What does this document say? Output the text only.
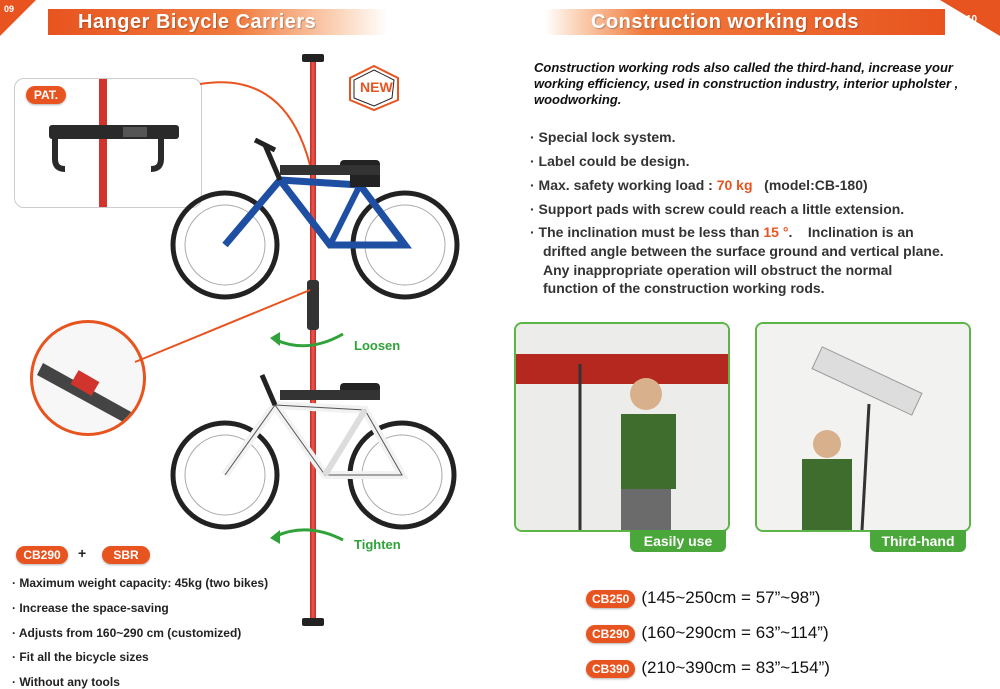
09
Hanger Bicycle Carriers
PAT.	NEW
Loosen
Tighten
CB290	+	SBR
· Maximum weight capacity: 45kg (two bikes)
· Increase the space-saving
· Adjusts from 160~290 cm (customized)
· Fit all the bicycle sizes
· Without any tools
Construction working rods	10
Construction working rods also called the third-hand, increase your working efficiency, used in construction industry, interior upholster , woodworking.
· Special lock system.
· Label could be design.
· Max. safety working load : 70 kg   (model:CB-180)
· Support pads with screw could reach a little extension.
· The inclination must be less than 15 °.    Inclination is an
drifted angle between the surface ground and vertical plane.
Any inappropriate operation will obstruct the normal
function of the construction working rods.
Easily use	Third-hand
CB250 (145~250cm = 57”~98”)
CB290 (160~290cm = 63”~114”)
CB390 (210~390cm = 83”~154”)
